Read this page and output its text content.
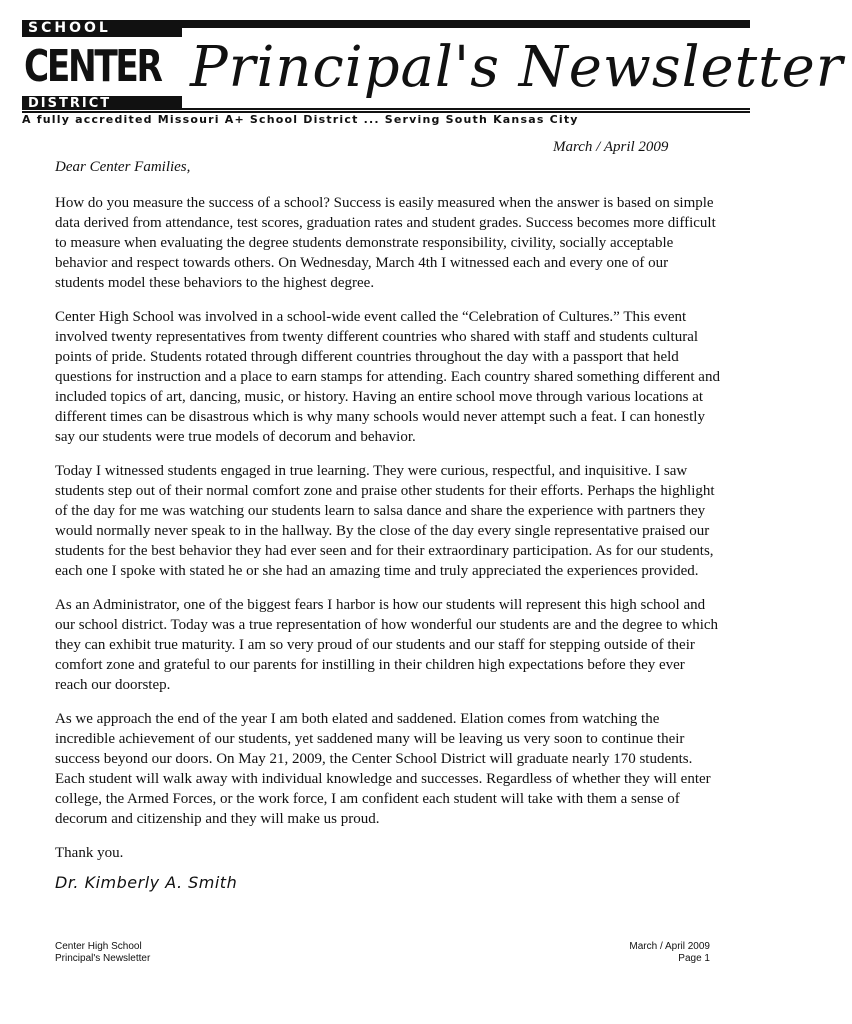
SCHOOL
CENTER
DISTRICT
Principal's Newsletter
A fully accredited Missouri A+ School District ... Serving South Kansas City
March / April 2009

Dear Center Families,

How do you measure the success of a school? Success is easily measured when the answer is based on simple data derived from attendance, test scores, graduation rates and student grades. Success becomes more difficult to measure when evaluating the degree students demonstrate responsibility, civility, socially acceptable behavior and respect towards others. On Wednesday, March 4th I witnessed each and every one of our students model these behaviors to the highest degree.

Center High School was involved in a school-wide event called the “Celebration of Cultures.” This event involved twenty representatives from twenty different countries who shared with staff and students cultural points of pride. Students rotated through different countries throughout the day with a passport that held questions for instruction and a place to earn stamps for attending. Each country shared something different and included topics of art, dancing, music, or history. Having an entire school move through various locations at different times can be disastrous which is why many schools would never attempt such a feat. I can honestly say our students were true models of decorum and behavior.

Today I witnessed students engaged in true learning. They were curious, respectful, and inquisitive. I saw students step out of their normal comfort zone and praise other students for their efforts. Perhaps the highlight of the day for me was watching our students learn to salsa dance and share the experience with partners they would normally never speak to in the hallway. By the close of the day every single representative praised our students for the best behavior they had ever seen and for their extraordinary participation. As for our students, each one I spoke with stated he or she had an amazing time and truly appreciated the experiences provided.

As an Administrator, one of the biggest fears I harbor is how our students will represent this high school and our school district. Today was a true representation of how wonderful our students are and the degree to which they can exhibit true maturity. I am so very proud of our students and our staff for stepping outside of their comfort zone and grateful to our parents for instilling in their children high expectations before they ever reach our doorstep.

As we approach the end of the year I am both elated and saddened. Elation comes from watching the incredible achievement of our students, yet saddened many will be leaving us very soon to continue their success beyond our doors. On May 21, 2009, the Center School District will graduate nearly 170 students. Each student will walk away with individual knowledge and successes. Regardless of whether they will enter college, the Armed Forces, or the work force, I am confident each student will take with them a sense of decorum and citizenship and they will make us proud.

Thank you.

Dr. Kimberly A. Smith

Center High School
Principal's Newsletter
March / April 2009
Page 1
